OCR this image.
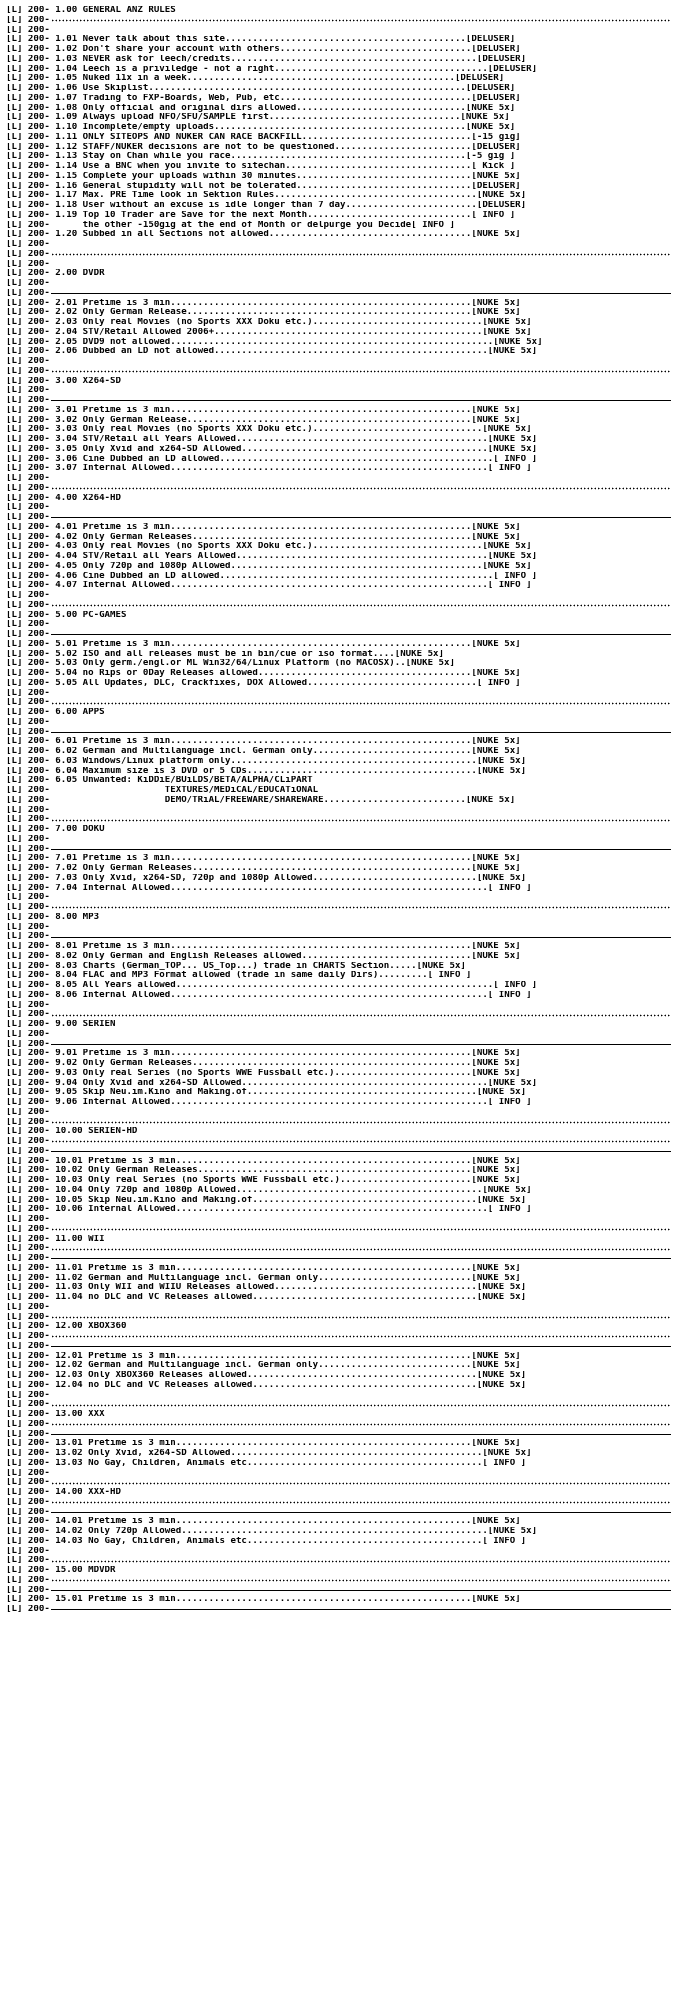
[L] 200- 1.00 GENERAL ANZ RULES
[L] 200-
[L] 200-
[L] 200- 1.01 Never talk about this site............................................[DELUSER]
[L] 200- 1.02 Don't share your account with others...................................[DELUSER]
[L] 200- 1.03 NEVER ask for leech/credits.............................................[DELUSER]
[L] 200- 1.04 Leech is a priviledge - not a right.......................................[DELUSER]
[L] 200- 1.05 Nuked 11x in a week.................................................[DELUSER]
[L] 200- 1.06 Use Skiplist..........................................................[DELUSER]
[L] 200- 1.07 Trading to FXP-Boards, Web, Pub, etc...................................[DELUSER]
[L] 200- 1.08 Only official and original dirs allowed...............................[NUKE 5x]
[L] 200- 1.09 Always upload NFO/SFU/SAMPLE first...................................[NUKE 5x]
[L] 200- 1.10 Incomplete/empty uploads..............................................[NUKE 5x]
[L] 200- 1.11 ONLY SITEOPS AND NUKER CAN RACE BACKFILL...............................[-15 gig]
[L] 200- 1.12 STAFF/NUKER decisions are not to be questioned.........................[DELUSER]
[L] 200- 1.13 Stay on Chan while you race...........................................[-5 gig ]
[L] 200- 1.14 Use a BNC when you invite to sitechan..................................[ Kick ]
[L] 200- 1.15 Complete your uploads within 30 minutes................................[NUKE 5x]
[L] 200- 1.16 General stupidity will not be tolerated................................[DELUSER]
[L] 200- 1.17 Max. PRE Time look in Sektion Rules.....................................[NUKE 5x]
[L] 200- 1.18 User without an excuse is idle longer than 7 day........................[DELUSER]
[L] 200- 1.19 Top 10 Trader are Save for the next Month..............................[ INFO ]
[L] 200-      the other -150gig at the end of Month or delpurge you Decide[ INFO ]
[L] 200- 1.20 Subbed in all Sections not allowed.....................................[NUKE 5x]
[L] 200-
[L] 200-
[L] 200-
[L] 200- 2.00 DVDR
[L] 200-
[L] 200-
[L] 200- 2.01 Pretime is 3 min.......................................................[NUKE 5x]
[L] 200- 2.02 Only German Release....................................................[NUKE 5x]
[L] 200- 2.03 Only real Movies (no Sports XXX Doku etc.)...............................[NUKE 5x]
[L] 200- 2.04 STV/Retail Allowed 2006+.................................................[NUKE 5x]
[L] 200- 2.05 DVD9 not allowed...........................................................[NUKE 5x]
[L] 200- 2.06 Dubbed an LD not allowed..................................................[NUKE 5x]
[L] 200-
[L] 200-
[L] 200- 3.00 X264-SD
[L] 200-
[L] 200-
[L] 200- 3.01 Pretime is 3 min.......................................................[NUKE 5x]
[L] 200- 3.02 Only German Release....................................................[NUKE 5x]
[L] 200- 3.03 Only real Movies (no Sports XXX Doku etc.)...............................[NUKE 5x]
[L] 200- 3.04 STV/Retail all Years Allowed..............................................[NUKE 5x]
[L] 200- 3.05 Only Xvid and x264-SD Allowed.............................................[NUKE 5x]
[L] 200- 3.06 Cine Dubbed an LD allowed..................................................[ INFO ]
[L] 200- 3.07 Internal Allowed..........................................................[ INFO ]
[L] 200-
[L] 200-
[L] 200- 4.00 X264-HD
[L] 200-
[L] 200-
[L] 200- 4.01 Pretime is 3 min.......................................................[NUKE 5x]
[L] 200- 4.02 Only German Releases...................................................[NUKE 5x]
[L] 200- 4.03 Only real Movies (no Sports XXX Doku etc.)...............................[NUKE 5x]
[L] 200- 4.04 STV/Retail all Years Allowed..............................................[NUKE 5x]
[L] 200- 4.05 Only 720p and 1080p Allowed..............................................[NUKE 5x]
[L] 200- 4.06 Cine Dubbed an LD allowed..................................................[ INFO ]
[L] 200- 4.07 Internal Allowed..........................................................[ INFO ]
[L] 200-
[L] 200-
[L] 200- 5.00 PC-GAMES
[L] 200-
[L] 200-
[L] 200- 5.01 Pretime is 3 min.......................................................[NUKE 5x]
[L] 200- 5.02 ISO and all releases must be in bin/cue or iso format....[NUKE 5x]
[L] 200- 5.03 Only germ./engl.or ML Win32/64/Linux Platform (no MACOSX)..[NUKE 5x]
[L] 200- 5.04 no Rips or 0Day Releases allowed.......................................[NUKE 5x]
[L] 200- 5.05 All Updates, DLC, Crackfixes, DOX Allowed...............................[ INFO ]
[L] 200-
[L] 200-
[L] 200- 6.00 APPS
[L] 200-
[L] 200-
[L] 200- 6.01 Pretime is 3 min.......................................................[NUKE 5x]
[L] 200- 6.02 German and Multilanguage incl. German only.............................[NUKE 5x]
[L] 200- 6.03 Windows/Linux platform only.............................................[NUKE 5x]
[L] 200- 6.04 Maximum size is 3 DVD or 5 CDs..........................................[NUKE 5x]
[L] 200- 6.05 Unwanted: KiDDiE/BUiLDS/BETA/ALPHA/CLiPART
[L] 200-                     TEXTURES/MEDiCAL/EDUCATiONAL
[L] 200-                     DEMO/TRiAL/FREEWARE/SHAREWARE..........................[NUKE 5x]
[L] 200-
[L] 200-
[L] 200- 7.00 DOKU
[L] 200-
[L] 200-
[L] 200- 7.01 Pretime is 3 min.......................................................[NUKE 5x]
[L] 200- 7.02 Only German Releases...................................................[NUKE 5x]
[L] 200- 7.03 Only Xvid, x264-SD, 720p and 1080p Allowed..............................[NUKE 5x]
[L] 200- 7.04 Internal Allowed..........................................................[ INFO ]
[L] 200-
[L] 200-
[L] 200- 8.00 MP3
[L] 200-
[L] 200-
[L] 200- 8.01 Pretime is 3 min.......................................................[NUKE 5x]
[L] 200- 8.02 Only German and English Releases allowed...............................[NUKE 5x]
[L] 200- 8.03 Charts (German_TOP... US_Top...) trade in CHARTS Section.....[NUKE 5x]
[L] 200- 8.04 FLAC and MP3 Format allowed (trade in same daily Dirs).........[ INFO ]
[L] 200- 8.05 All Years allowed..........................................................[ INFO ]
[L] 200- 8.06 Internal Allowed..........................................................[ INFO ]
[L] 200-
[L] 200-
[L] 200- 9.00 SERIEN
[L] 200-
[L] 200-
[L] 200- 9.01 Pretime is 3 min.......................................................[NUKE 5x]
[L] 200- 9.02 Only German Releases...................................................[NUKE 5x]
[L] 200- 9.03 Only real Series (no Sports WWE Fussball etc.).........................[NUKE 5x]
[L] 200- 9.04 Only Xvid and x264-SD Allowed.............................................[NUKE 5x]
[L] 200- 9.05 Skip Neu.im.Kino and Making.of..........................................[NUKE 5x]
[L] 200- 9.06 Internal Allowed..........................................................[ INFO ]
[L] 200-
[L] 200-
[L] 200- 10.00 SERIEN-HD
[L] 200-
[L] 200-
[L] 200- 10.01 Pretime is 3 min......................................................[NUKE 5x]
[L] 200- 10.02 Only German Releases..................................................[NUKE 5x]
[L] 200- 10.03 Only real Series (no Sports WWE Fussball etc.)........................[NUKE 5x]
[L] 200- 10.04 Only 720p and 1080p Allowed.............................................[NUKE 5x]
[L] 200- 10.05 Skip Neu.im.Kino and Making.of.........................................[NUKE 5x]
[L] 200- 10.06 Internal Allowed.........................................................[ INFO ]
[L] 200-
[L] 200-
[L] 200- 11.00 WII
[L] 200-
[L] 200-
[L] 200- 11.01 Pretime is 3 min......................................................[NUKE 5x]
[L] 200- 11.02 German and Multilanguage incl. German only............................[NUKE 5x]
[L] 200- 11.03 Only WII and WIIU Releases allowed.....................................[NUKE 5x]
[L] 200- 11.04 no DLC and VC Releases allowed.........................................[NUKE 5x]
[L] 200-
[L] 200-
[L] 200- 12.00 XBOX360
[L] 200-
[L] 200-
[L] 200- 12.01 Pretime is 3 min......................................................[NUKE 5x]
[L] 200- 12.02 German and Multilanguage incl. German only............................[NUKE 5x]
[L] 200- 12.03 Only XBOX360 Releases allowed..........................................[NUKE 5x]
[L] 200- 12.04 no DLC and VC Releases allowed.........................................[NUKE 5x]
[L] 200-
[L] 200-
[L] 200- 13.00 XXX
[L] 200-
[L] 200-
[L] 200- 13.01 Pretime is 3 min......................................................[NUKE 5x]
[L] 200- 13.02 Only Xvid, x264-SD Allowed..............................................[NUKE 5x]
[L] 200- 13.03 No Gay, Children, Animals etc...........................................[ INFO ]
[L] 200-
[L] 200-
[L] 200- 14.00 XXX-HD
[L] 200-
[L] 200-
[L] 200- 14.01 Pretime is 3 min......................................................[NUKE 5x]
[L] 200- 14.02 Only 720p Allowed........................................................[NUKE 5x]
[L] 200- 14.03 No Gay, Children, Animals etc...........................................[ INFO ]
[L] 200-
[L] 200-
[L] 200- 15.00 MDVDR
[L] 200-
[L] 200-
[L] 200- 15.01 Pretime is 3 min......................................................[NUKE 5x]
[L] 200-
